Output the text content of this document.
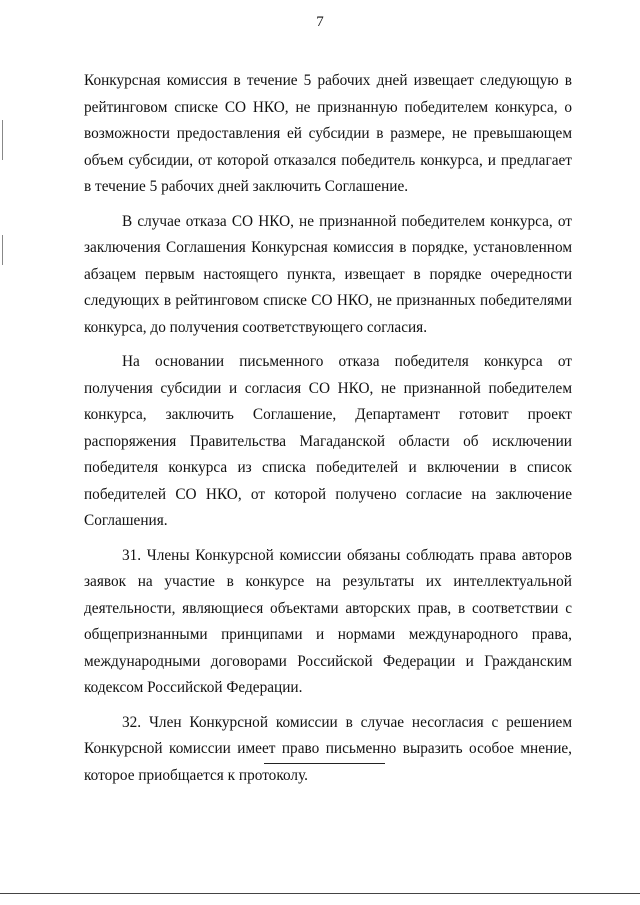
7

Конкурсная комиссия в течение 5 рабочих дней извещает следующую в рейтинговом списке СО НКО, не признанную победителем конкурса, о возможности предоставления ей субсидии в размере, не превышающем объем субсидии, от которой отказался победитель конкурса, и предлагает в течение 5 рабочих дней заключить Соглашение.

В случае отказа СО НКО, не признанной победителем конкурса, от заключения Соглашения Конкурсная комиссия в порядке, установленном абзацем первым настоящего пункта, извещает в порядке очередности следующих в рейтинговом списке СО НКО, не признанных победителями конкурса, до получения соответствующего согласия.

На основании письменного отказа победителя конкурса от получения субсидии и согласия СО НКО, не признанной победителем конкурса, заключить Соглашение, Департамент готовит проект распоряжения Правительства Магаданской области об исключении победителя конкурса из списка победителей и включении в список победителей СО НКО, от которой получено согласие на заключение Соглашения.

31. Члены Конкурсной комиссии обязаны соблюдать права авторов заявок на участие в конкурсе на результаты их интеллектуальной деятельности, являющиеся объектами авторских прав, в соответствии с общепризнанными принципами и нормами международного права, международными договорами Российской Федерации и Гражданским кодексом Российской Федерации.

32. Член Конкурсной комиссии в случае несогласия с решением Конкурсной комиссии имеет право письменно выразить особое мнение, которое приобщается к протоколу.
